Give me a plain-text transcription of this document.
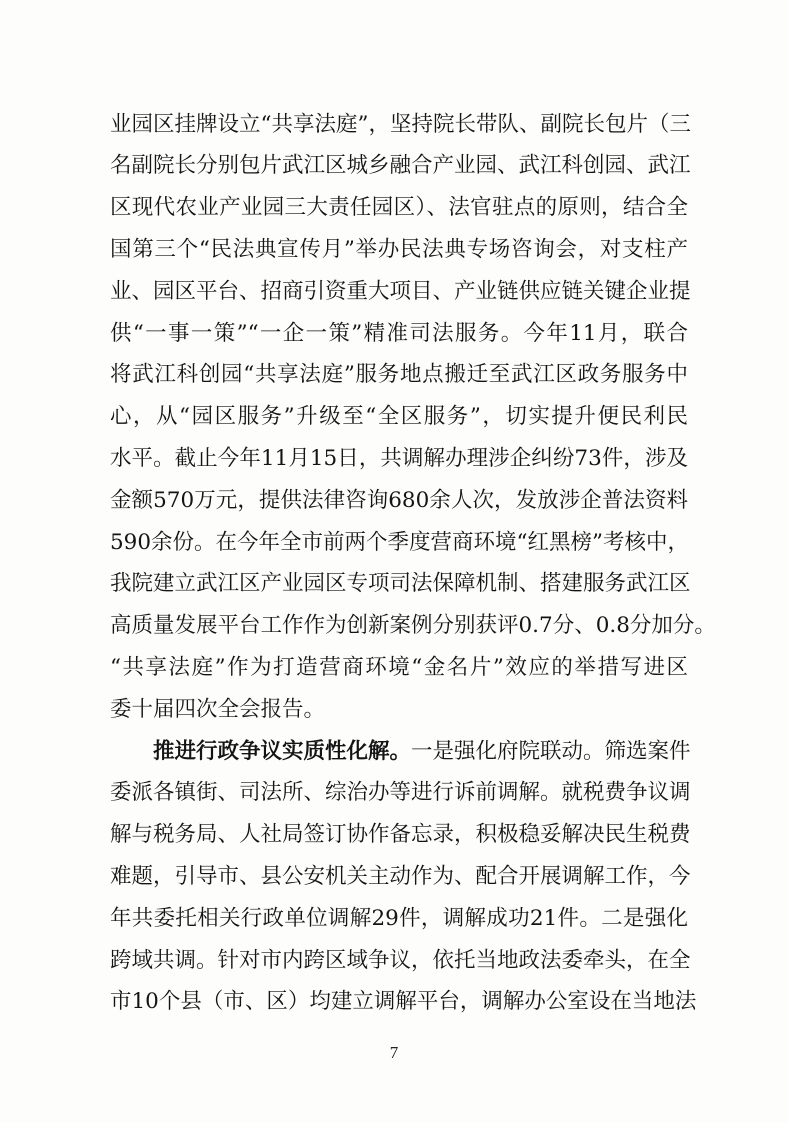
业园区挂牌设立“共享法庭”，坚持院长带队、副院长包片（三
名副院长分别包片武江区城乡融合产业园、武江科创园、武江
区现代农业产业园三大责任园区）、法官驻点的原则，结合全
国第三个“民法典宣传月”举办民法典专场咨询会，对支柱产
业、园区平台、招商引资重大项目、产业链供应链关键企业提
供“一事一策”“一企一策”精准司法服务。今年11月，联合
将武江科创园“共享法庭”服务地点搬迁至武江区政务服务中
心，从“园区服务”升级至“全区服务”，切实提升便民利民
水平。截止今年11月15日，共调解办理涉企纠纷73件，涉及
金额570万元，提供法律咨询680余人次，发放涉企普法资料
590余份。在今年全市前两个季度营商环境“红黑榜”考核中，
我院建立武江区产业园区专项司法保障机制、搭建服务武江区
高质量发展平台工作作为创新案例分别获评0.7分、0.8分加分。
“共享法庭”作为打造营商环境“金名片”效应的举措写进区
委十届四次全会报告。
推进行政争议实质性化解。一是强化府院联动。筛选案件
委派各镇街、司法所、综治办等进行诉前调解。就税费争议调
解与税务局、人社局签订协作备忘录，积极稳妥解决民生税费
难题，引导市、县公安机关主动作为、配合开展调解工作，今
年共委托相关行政单位调解29件，调解成功21件。二是强化
跨域共调。针对市内跨区域争议，依托当地政法委牵头，在全
市10个县（市、区）均建立调解平台，调解办公室设在当地法
7
